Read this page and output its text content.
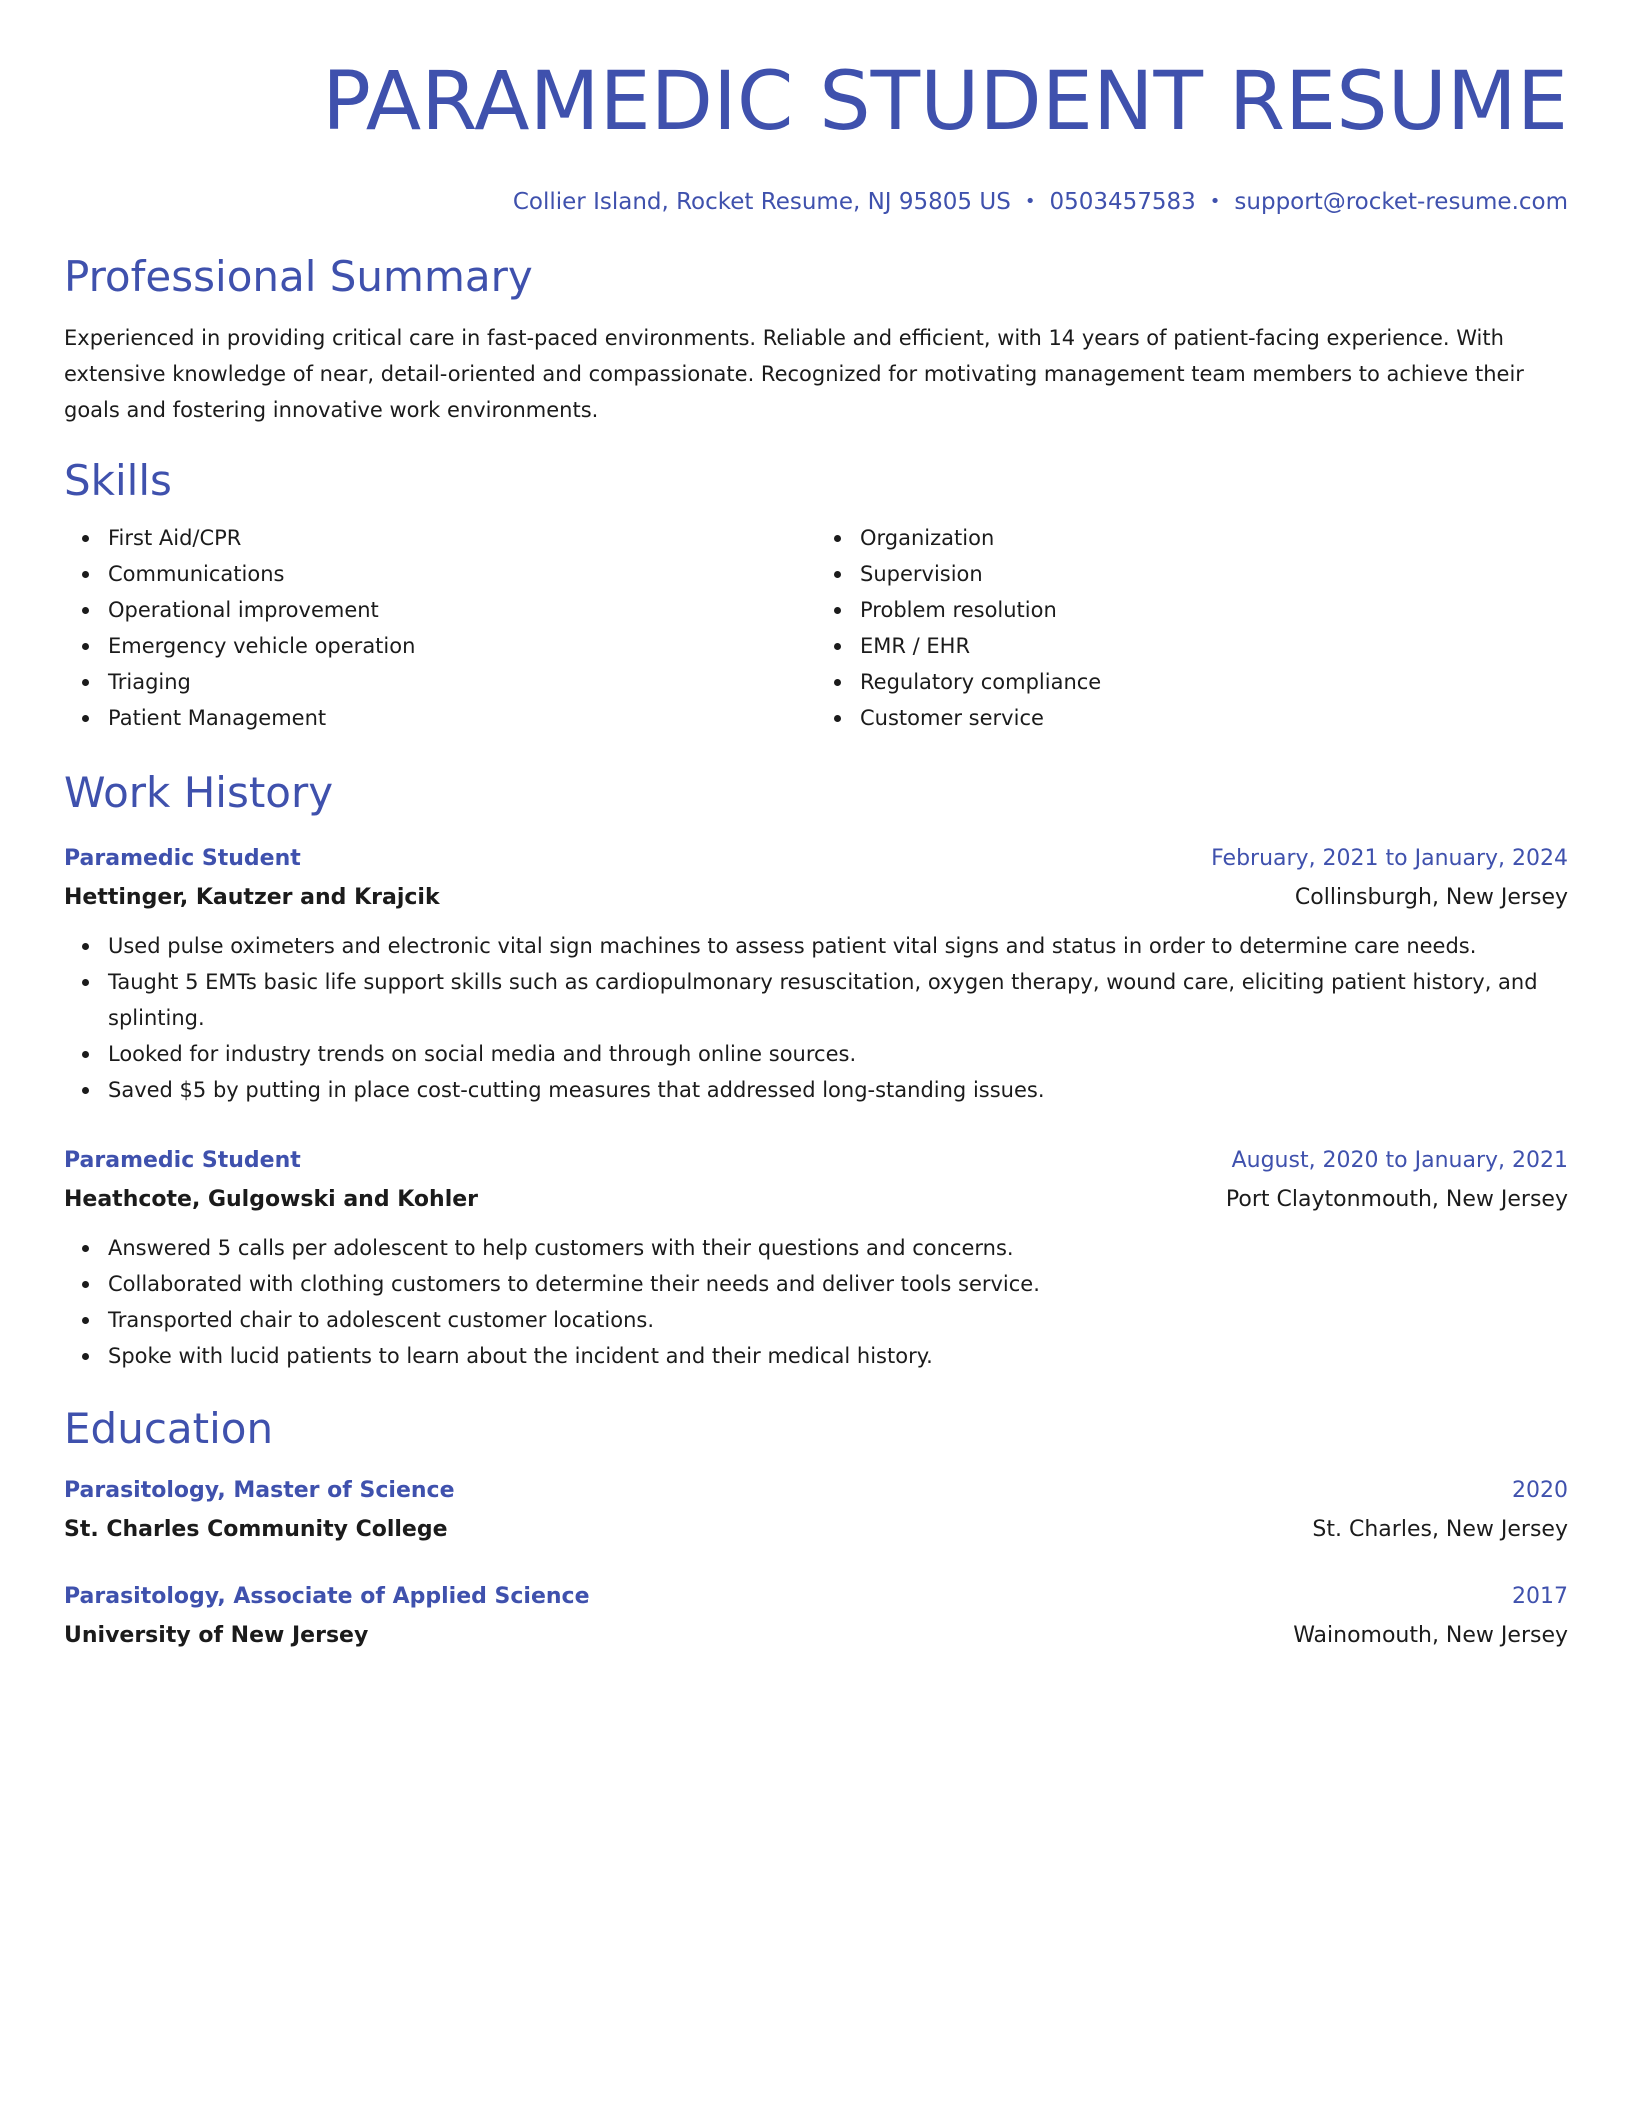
PARAMEDIC STUDENT RESUME
Collier Island, Rocket Resume, NJ 95805 US • 0503457583 • support@rocket-resume.com
Professional Summary
Experienced in providing critical care in fast-paced environments. Reliable and efficient, with 14 years of patient-facing experience. With extensive knowledge of near, detail-oriented and compassionate. Recognized for motivating management team members to achieve their goals and fostering innovative work environments.
Skills
First Aid/CPR
Communications
Operational improvement
Emergency vehicle operation
Triaging
Patient Management
Organization
Supervision
Problem resolution
EMR / EHR
Regulatory compliance
Customer service
Work History
Paramedic Student	February, 2021 to January, 2024
Hettinger, Kautzer and Krajcik	Collinsburgh, New Jersey
Used pulse oximeters and electronic vital sign machines to assess patient vital signs and status in order to determine care needs.
Taught 5 EMTs basic life support skills such as cardiopulmonary resuscitation, oxygen therapy, wound care, eliciting patient history, and splinting.
Looked for industry trends on social media and through online sources.
Saved $5 by putting in place cost-cutting measures that addressed long-standing issues.
Paramedic Student	August, 2020 to January, 2021
Heathcote, Gulgowski and Kohler	Port Claytonmouth, New Jersey
Answered 5 calls per adolescent to help customers with their questions and concerns.
Collaborated with clothing customers to determine their needs and deliver tools service.
Transported chair to adolescent customer locations.
Spoke with lucid patients to learn about the incident and their medical history.
Education
Parasitology, Master of Science	2020
St. Charles Community College	St. Charles, New Jersey
Parasitology, Associate of Applied Science	2017
University of New Jersey	Wainomouth, New Jersey
